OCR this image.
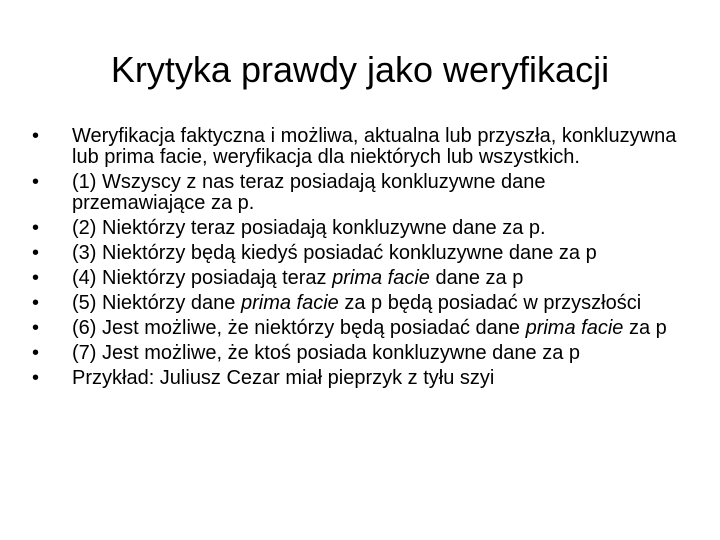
Krytyka prawdy jako weryfikacji
•	Weryfikacja faktyczna i możliwa, aktualna lub przyszła, konkluzywna lub prima facie, weryfikacja dla niektórych lub wszystkich.
•	(1) Wszyscy z nas teraz posiadają konkluzywne dane przemawiające za p.
•	(2) Niektórzy teraz posiadają konkluzywne dane za p.
•	(3) Niektórzy będą kiedyś posiadać konkluzywne dane za p
•	(4) Niektórzy posiadają teraz prima facie dane za p
•	(5) Niektórzy dane prima facie za p będą posiadać w przyszłości
•	(6) Jest możliwe, że niektórzy będą posiadać dane prima facie za p
•	(7) Jest możliwe, że ktoś posiada konkluzywne dane za p
•	Przykład: Juliusz Cezar miał pieprzyk z tyłu szyi
